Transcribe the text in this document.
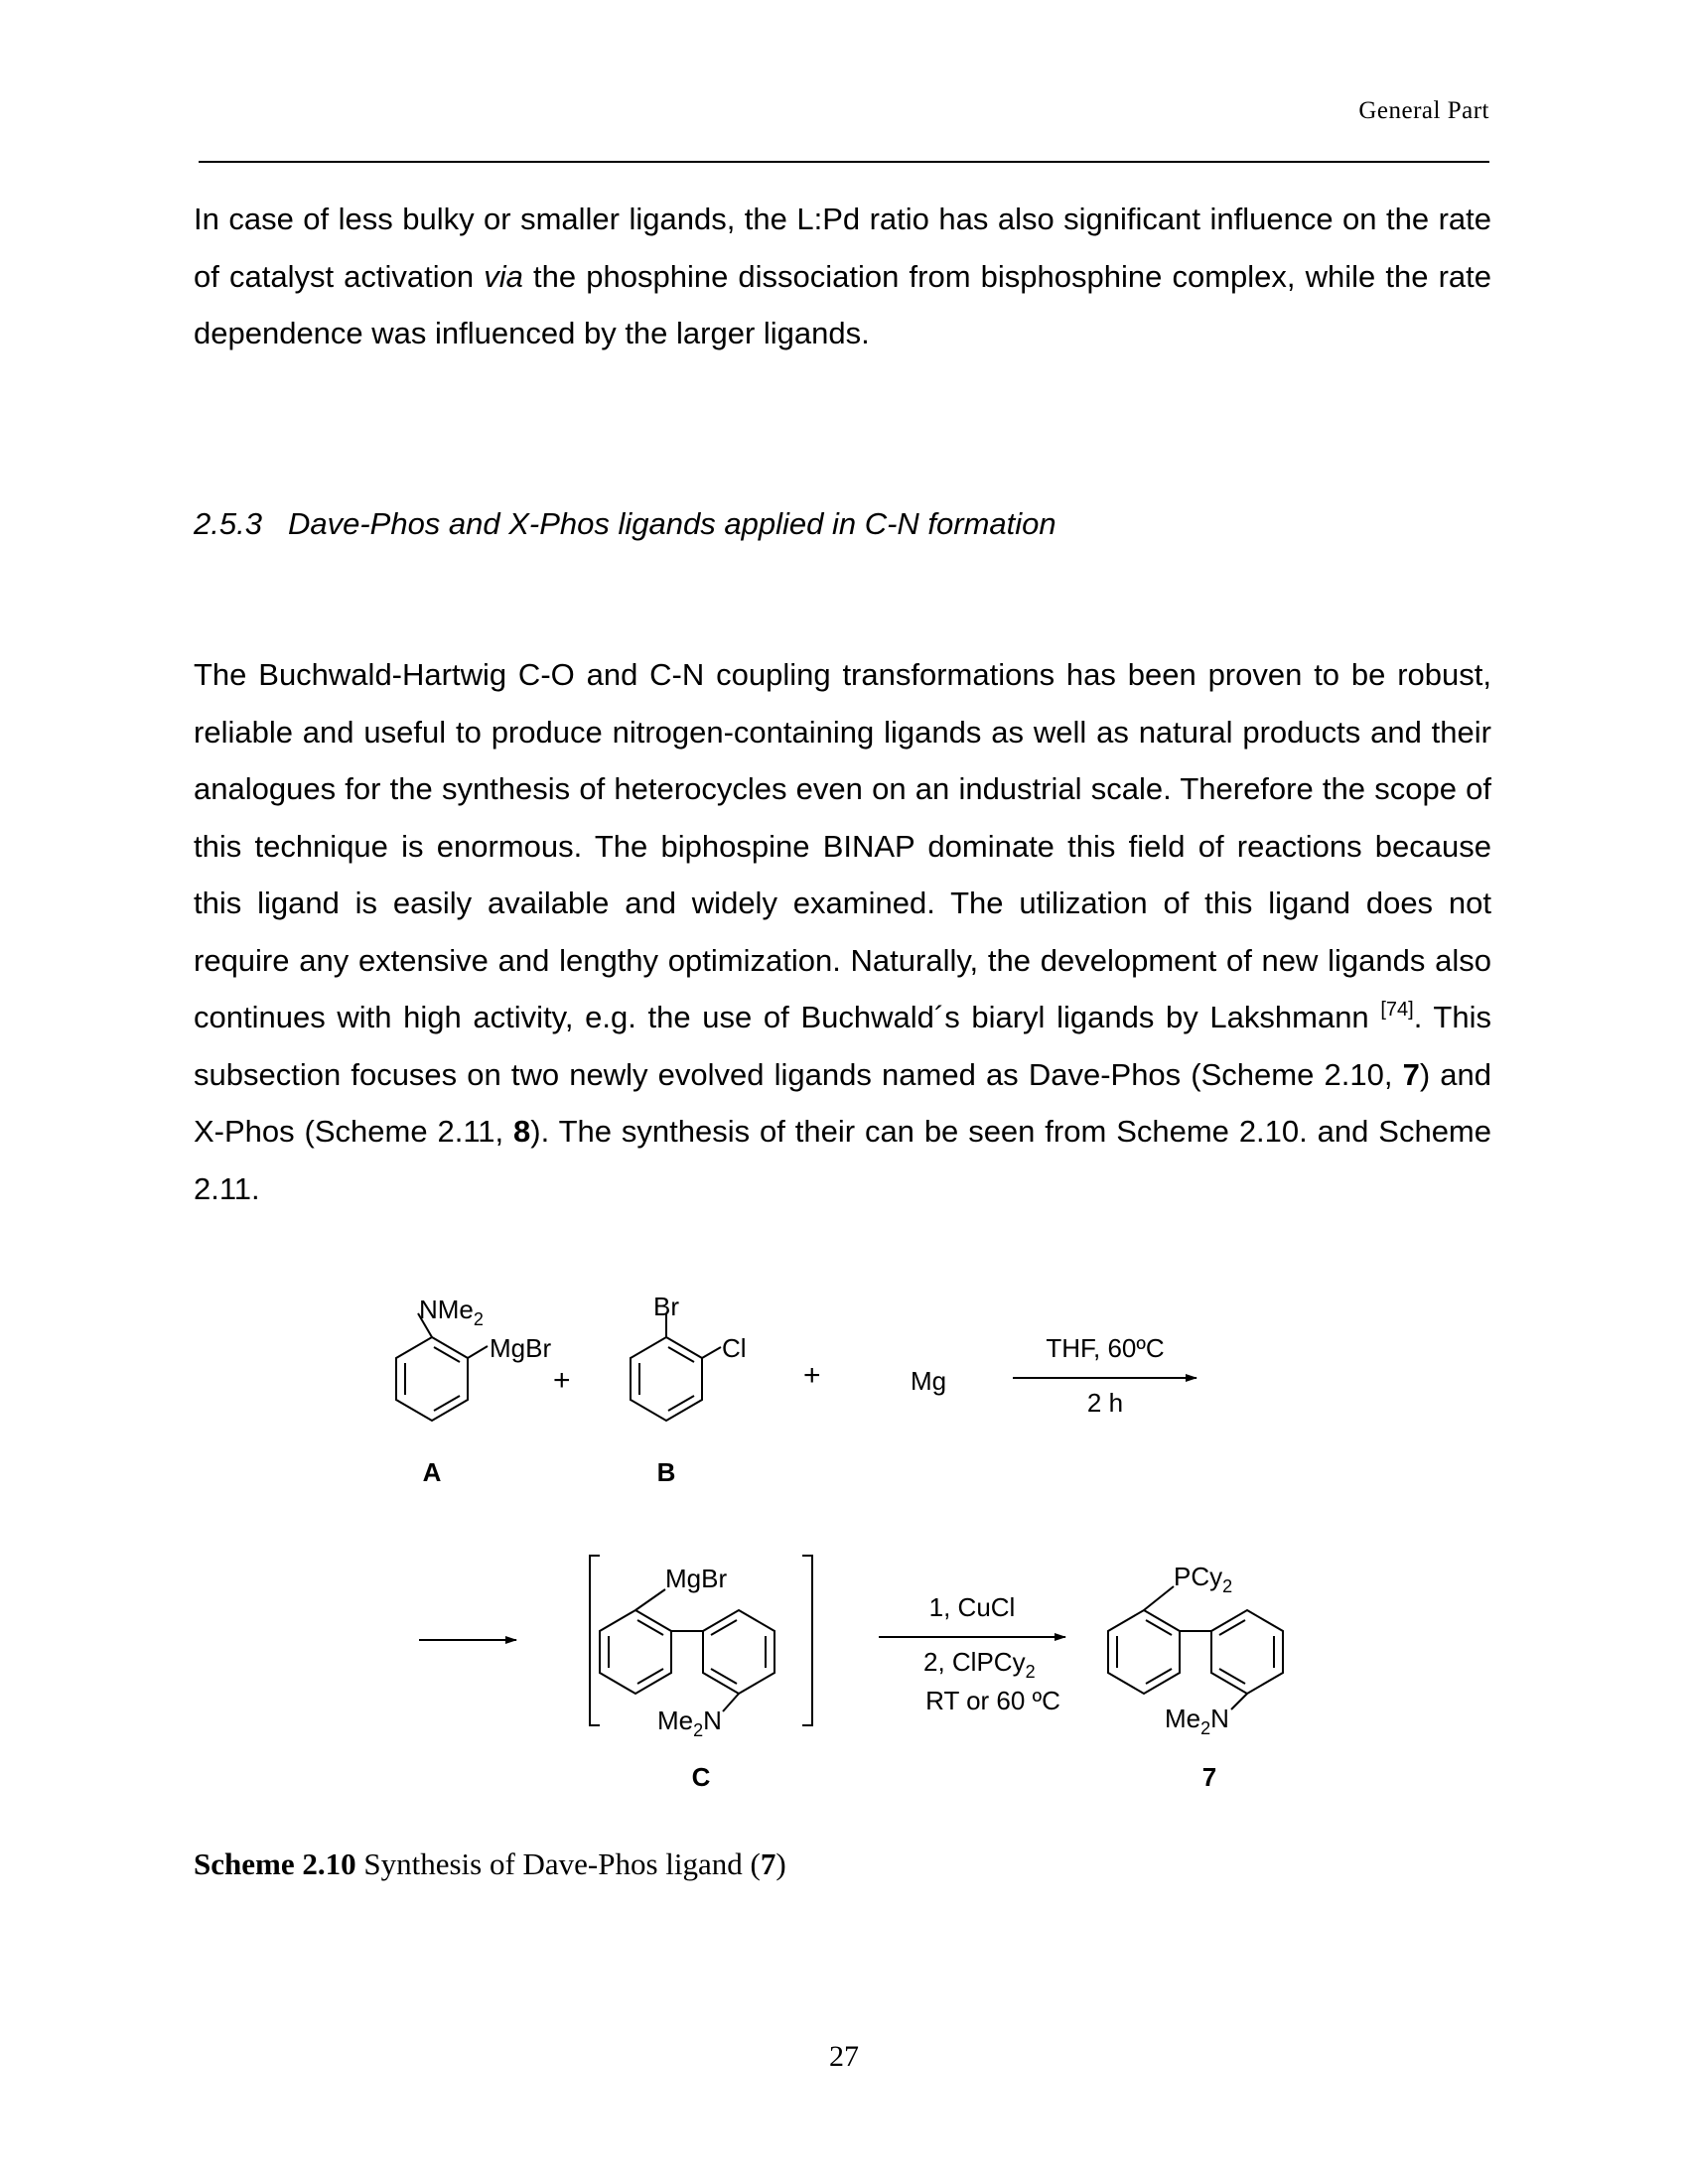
General Part

In case of less bulky or smaller ligands, the L:Pd ratio has also significant influence on the rate of catalyst activation via the phosphine dissociation from bisphosphine complex, while the rate dependence was influenced by the larger ligands.

2.5.3 Dave-Phos and X-Phos ligands applied in C-N formation

The Buchwald-Hartwig C-O and C-N coupling transformations has been proven to be robust, reliable and useful to produce nitrogen-containing ligands as well as natural products and their analogues for the synthesis of heterocycles even on an industrial scale. Therefore the scope of this technique is enormous. The biphospine BINAP dominate this field of reactions because this ligand is easily available and widely examined. The utilization of this ligand does not require any extensive and lengthy optimization. Naturally, the development of new ligands also continues with high activity, e.g. the use of Buchwald´s biaryl ligands by Lakshmann [74]. This subsection focuses on two newly evolved ligands named as Dave-Phos (Scheme 2.10, 7) and X-Phos (Scheme 2.11, 8). The synthesis of their can be seen from Scheme 2.10. and Scheme 2.11.

NMe$_2$
MgBr
+
Br
Cl
+	Mg
THF, 60ºC
2 h
A	B
MgBr
$Me_2N$
C
1, CuCl
2, ClPCy$_2$
RT or 60 ºC
PCy$_2$
$Me_2N$
7
Scheme 2.10 Synthesis of Dave-Phos ligand (7)
27
